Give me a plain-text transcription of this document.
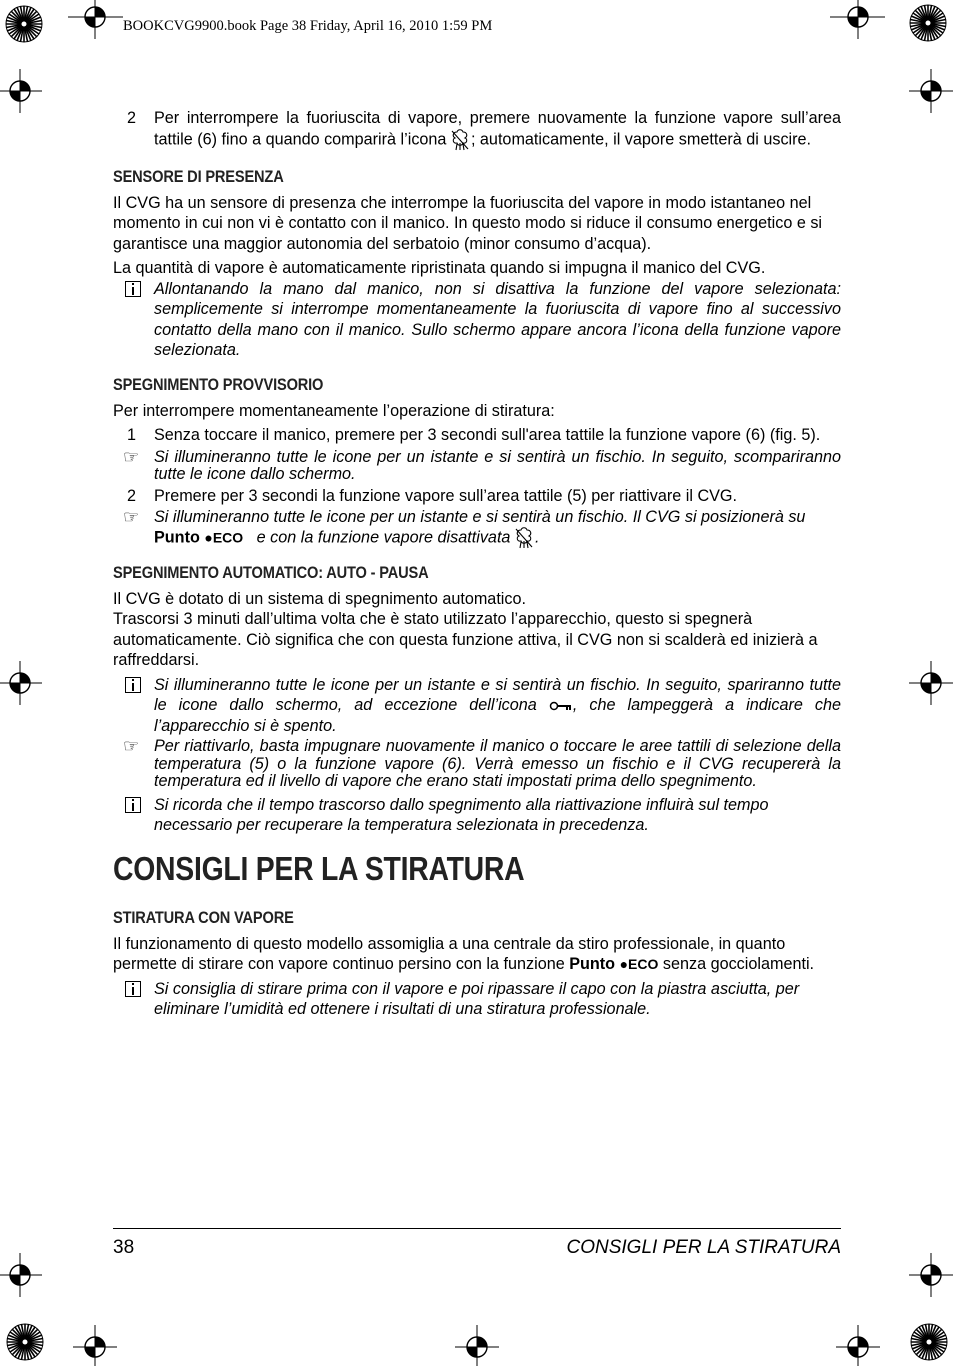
BOOKCVG9900.book Page 38 Friday, April 16, 2010 1:59 PM
2	Per interrompere la fuoriuscita di vapore, premere nuovamente la funzione vapore sull’area tattile (6) fino a quando comparirà l’icona ; automaticamente, il vapore smetterà di uscire.

SENSORE DI PRESENZA

Il CVG ha un sensore di presenza che interrompe la fuoriuscita del vapore in modo istantaneo nel momento in cui non vi è contatto con il manico. In questo modo si riduce il consumo energetico e si garantisce una maggior autonomia del serbatoio (minor consumo d’acqua).

La quantità di vapore è automaticamente ripristinata quando si impugna il manico del CVG.

Allontanando la mano dal manico, non si disattiva la funzione del vapore selezionata: semplicemente si interrompe momentaneamente la fuoriuscita di vapore fino al successivo contatto della mano con il manico. Sullo schermo appare ancora l’icona della funzione vapore selezionata.

SPEGNIMENTO PROVVISORIO

Per interrompere momentaneamente l’operazione di stiratura:

1	Senza toccare il manico, premere per 3 secondi sull'area tattile la funzione vapore (6) (fig. 5).

☞ Si illumineranno tutte le icone per un istante e si sentirà un fischio. In seguito, scompariranno tutte le icone dallo schermo.

2	Premere per 3 secondi la funzione vapore sull’area tattile (5) per riattivare il CVG.

☞ Si illumineranno tutte le icone per un istante e si sentirà un fischio. Il CVG si posizionerà su Punto ●ECO e con la funzione vapore disattivata .

SPEGNIMENTO AUTOMATICO: AUTO - PAUSA

Il CVG è dotato di un sistema di spegnimento automatico.

Trascorsi 3 minuti dall’ultima volta che è stato utilizzato l’apparecchio, questo si spegnerà automaticamente. Ciò significa che con questa funzione attiva, il CVG non si scalderà ed inizierà a raffreddarsi.

Si illumineranno tutte le icone per un istante e si sentirà un fischio. In seguito, spariranno tutte le icone dallo schermo, ad eccezione dell’icona , che lampeggerà a indicare che l’apparecchio si è spento.

☞ Per riattivarlo, basta impugnare nuovamente il manico o toccare le aree tattili di selezione della temperatura (5) o la funzione vapore (6). Verrà emesso un fischio e il CVG recupererà la temperatura ed il livello di vapore che erano stati impostati prima dello spegnimento.

Si ricorda che il tempo trascorso dallo spegnimento alla riattivazione influirà sul tempo necessario per recuperare la temperatura selezionata in precedenza.

CONSIGLI PER LA STIRATURA
STIRATURA CON VAPORE

Il funzionamento di questo modello assomiglia a una centrale da stiro professionale, in quanto permette di stirare con vapore continuo persino con la funzione Punto ●ECO senza gocciolamenti.

Si consiglia di stirare prima con il vapore e poi ripassare il capo con la piastra asciutta, per eliminare l’umidità ed ottenere i risultati di una stiratura professionale.

38	CONSIGLI PER LA STIRATURA
